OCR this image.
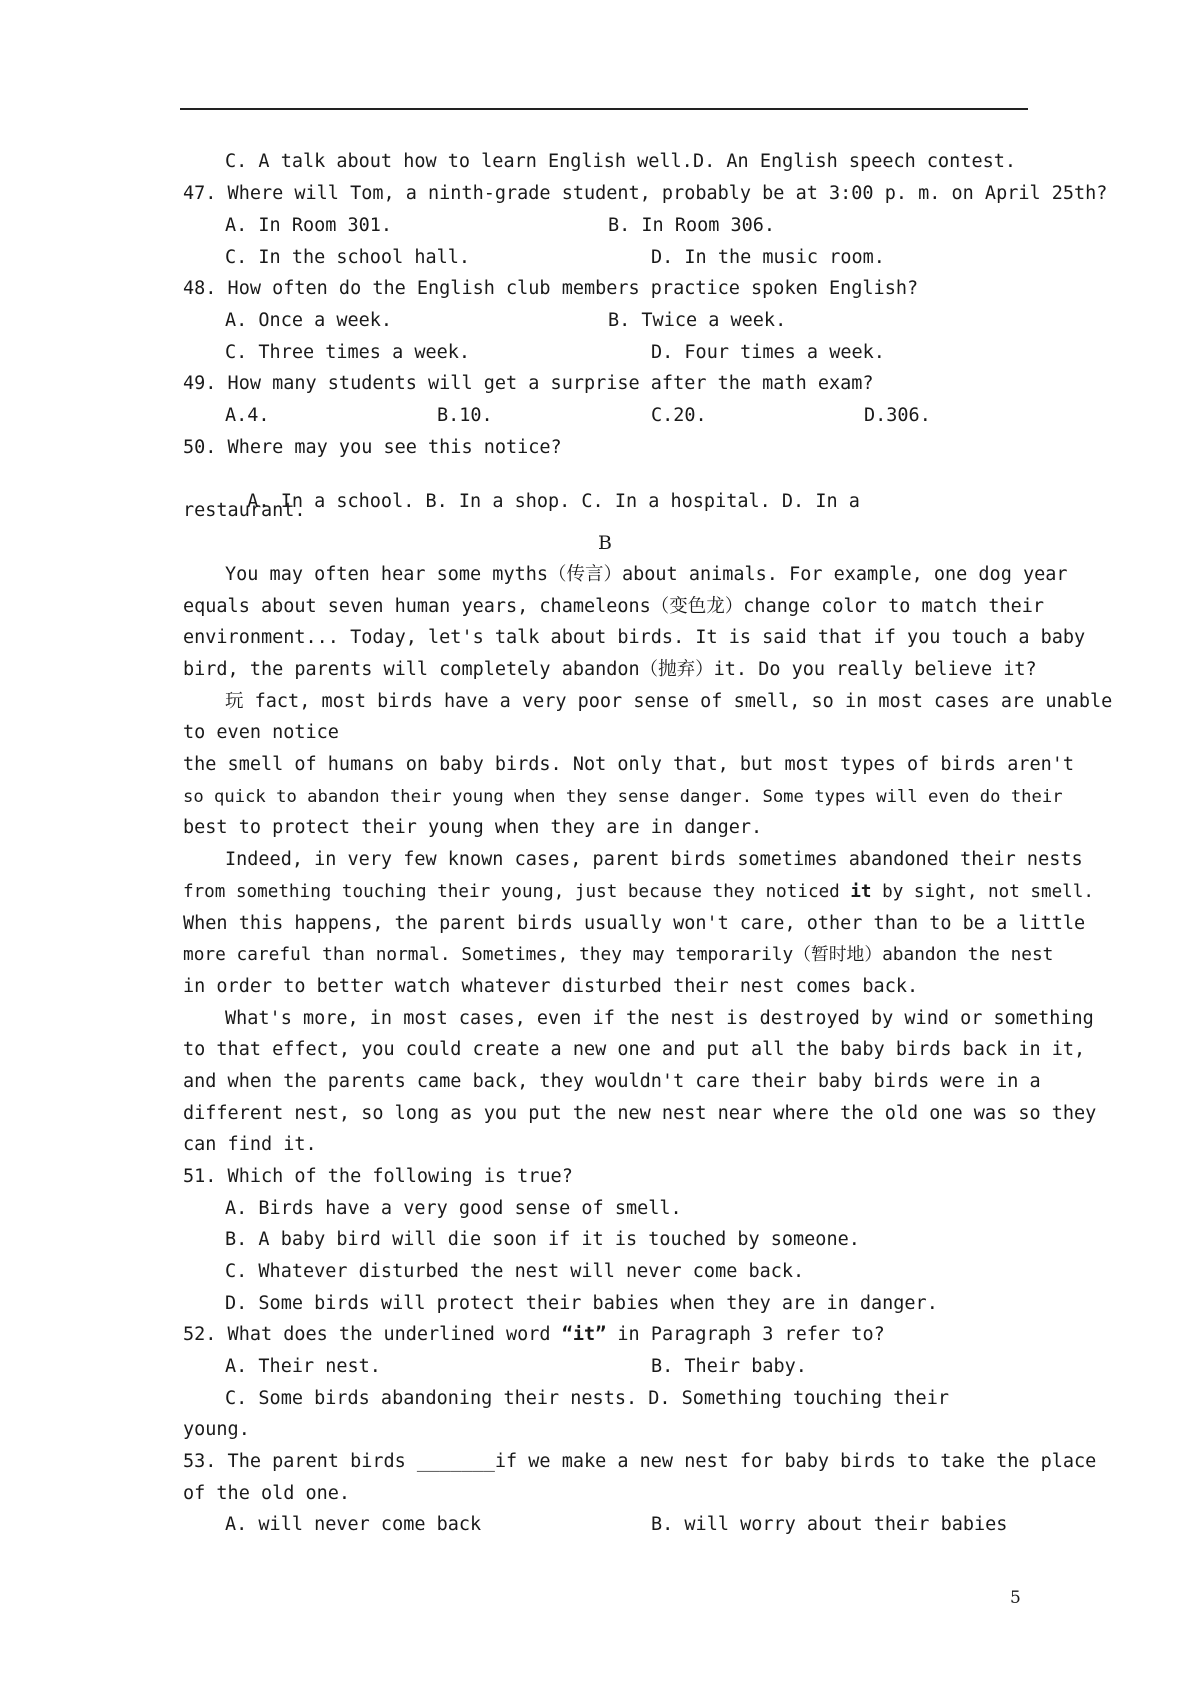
C. A talk about how to learn English well. D. An English speech contest.
47. Where will Tom, a ninth-grade student, probably be at 3:00 p. m. on April 25th?
A. In Room 301.	B. In Room 306.
C. In the school hall.	D. In the music room.
48. How often do the English club members practice spoken English?
A. Once a week.	B. Twice a week.
C. Three times a week.	D. Four times a week.
49. How many students will get a surprise after the math exam?
A.4.	B.10.	C.20.	D.306.
50. Where may you see this notice?

A. In a school. B. In a shop. C. In a hospital. D. In a

restaurant.
B
You may often hear some myths（传言）about animals. For example, one dog year
equals about seven human years, chameleons（变色龙）change color to match their
environment... Today, let's talk about birds. It is said that if you touch a baby
bird, the parents will completely abandon（抛弃）it. Do you really believe it?
玩 fact, most birds have a very poor sense of smell, so in most cases are unable
to even notice
the smell of humans on baby birds. Not only that, but most types of birds aren't
so quick to abandon their young when they sense danger. Some types will even do their
best to protect their young when they are in danger.
Indeed, in very few known cases, parent birds sometimes abandoned their nests
from something touching their young, just because they noticed it by sight, not smell.
When this happens, the parent birds usually won't care, other than to be a little
more careful than normal. Sometimes, they may temporarily（暂时地）abandon the nest
in order to better watch whatever disturbed their nest comes back.
What's more, in most cases, even if the nest is destroyed by wind or something
to that effect, you could create a new one and put all the baby birds back in it,
and when the parents came back, they wouldn't care their baby birds were in a
different nest, so long as you put the new nest near where the old one was so they
can find it.
51. Which of the following is true?
A. Birds have a very good sense of smell.
B. A baby bird will die soon if it is touched by someone.
C. Whatever disturbed the nest will never come back.
D. Some birds will protect their babies when they are in danger.
52. What does the underlined word “it” in Paragraph 3 refer to?
A. Their nest.	B. Their baby.
C. Some birds abandoning their nests. D. Something touching their
young.
53. The parent birds _______if we make a new nest for baby birds to take the place
of the old one.
A. will never come back	B. will worry about their babies
5
